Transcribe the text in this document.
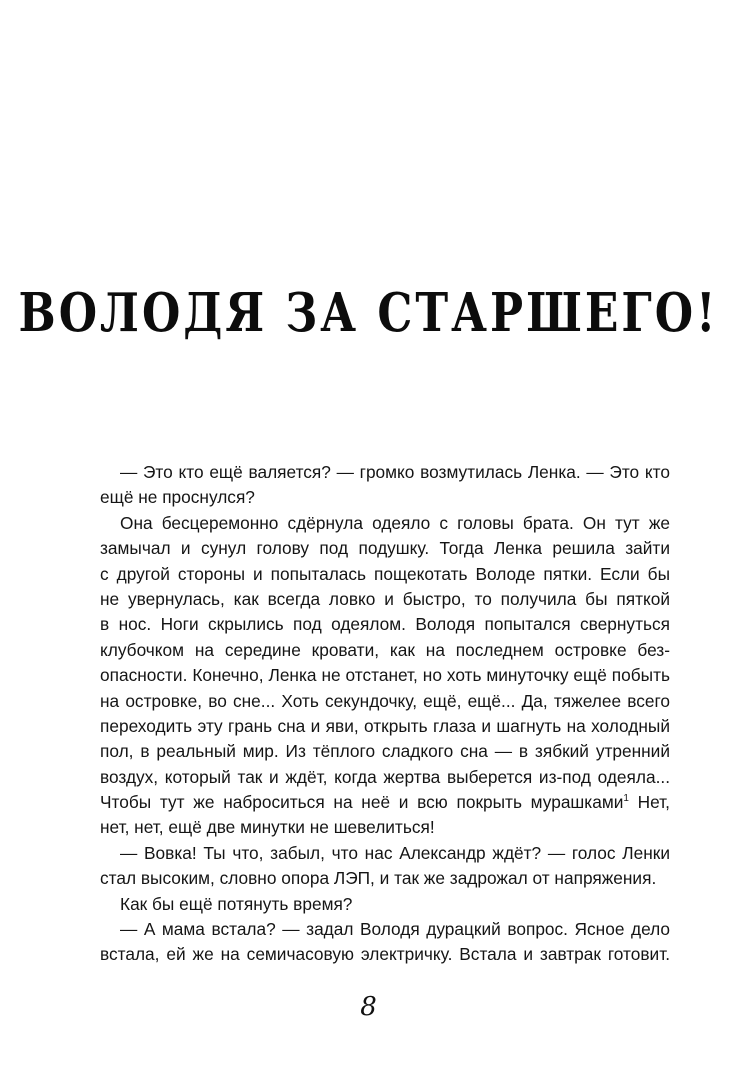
ВОЛОДЯ ЗА СТАРШЕГО!
— Это кто ещё валяется? — громко возмутилась Ленка. — Это кто
ещё не проснулся?
Она бесцеремонно сдёрнула одеяло с головы брата. Он тут же
замычал и сунул голову под подушку. Тогда Ленка решила зайти
с другой стороны и попыталась пощекотать Володе пятки. Если бы
не увернулась, как всегда ловко и быстро, то получила бы пяткой
в нос. Ноги скрылись под одеялом. Володя попытался свернуться
клубочком на середине кровати, как на последнем островке без-
опасности. Конечно, Ленка не отстанет, но хоть минуточку ещё побыть
на островке, во сне... Хоть секундочку, ещё, ещё... Да, тяжелее всего
переходить эту грань сна и яви, открыть глаза и шагнуть на холодный
пол, в реальный мир. Из тёплого сладкого сна — в зябкий утренний
воздух, который так и ждёт, когда жертва выберется из-под одеяла...
Чтобы тут же наброситься на неё и всю покрыть мурашками$^1$ Нет,
нет, нет, ещё две минутки не шевелиться!
— Вовка! Ты что, забыл, что нас Александр ждёт? — голос Ленки
стал высоким, словно опора ЛЭП, и так же задрожал от напряжения.
Как бы ещё потянуть время?
— А мама встала? — задал Володя дурацкий вопрос. Ясное дело
встала, ей же на семичасовую электричку. Встала и завтрак готовит.
8
